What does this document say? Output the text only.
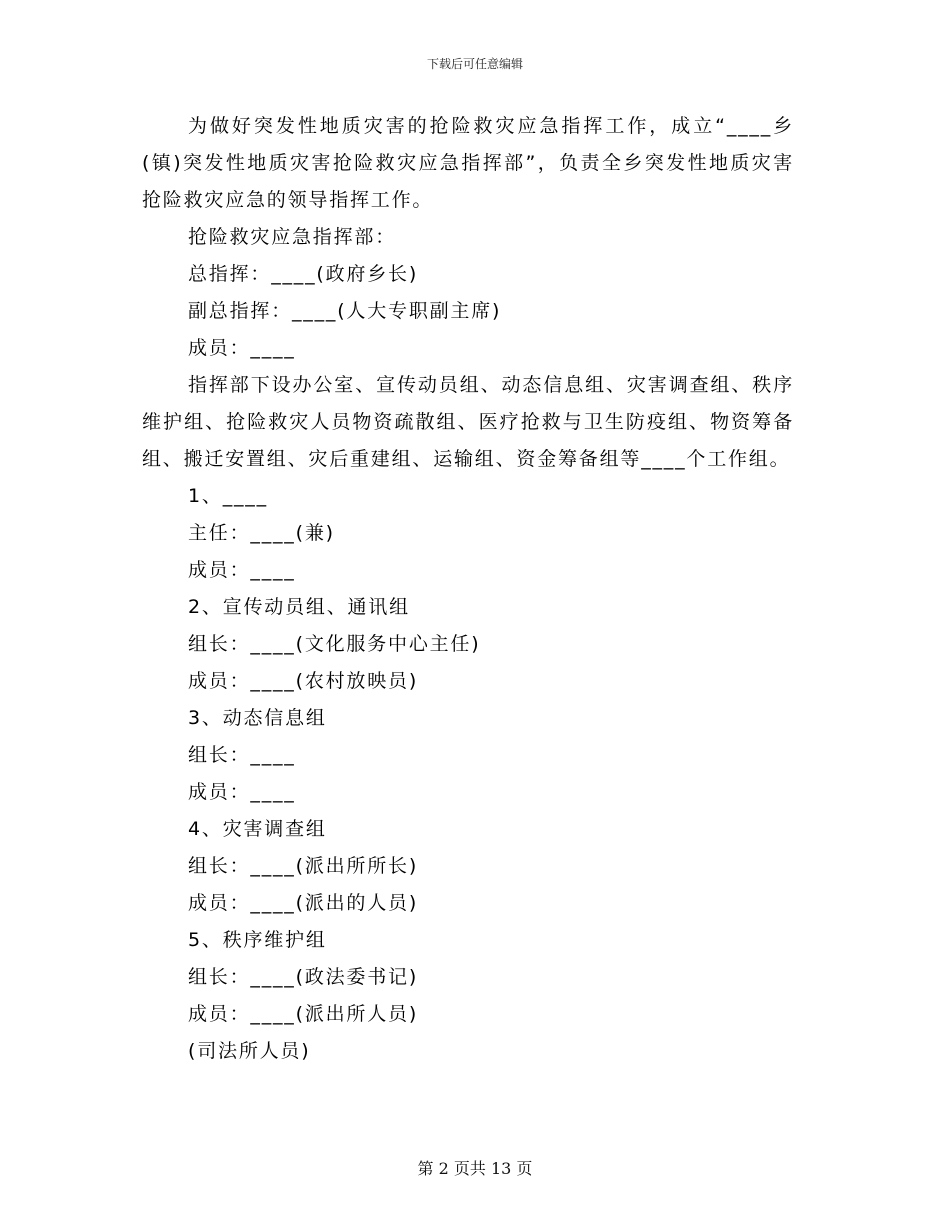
下载后可任意编辑

为做好突发性地质灾害的抢险救灾应急指挥工作，成立“____乡(镇)突发性地质灾害抢险救灾应急指挥部”，负责全乡突发性地质灾害抢险救灾应急的领导指挥工作。

抢险救灾应急指挥部：

总指挥：____(政府乡长)

副总指挥：____(人大专职副主席)

成员：____

指挥部下设办公室、宣传动员组、动态信息组、灾害调查组、秩序维护组、抢险救灾人员物资疏散组、医疗抢救与卫生防疫组、物资筹备组、搬迁安置组、灾后重建组、运输组、资金筹备组等____个工作组。

1、____

主任：____(兼)

成员：____

2、宣传动员组、通讯组

组长：____(文化服务中心主任)

成员：____(农村放映员)

3、动态信息组

组长：____

成员：____

4、灾害调查组

组长：____(派出所所长)

成员：____(派出的人员)

5、秩序维护组

组长：____(政法委书记)

成员：____(派出所人员)

(司法所人员)

第 2 页共 13 页
